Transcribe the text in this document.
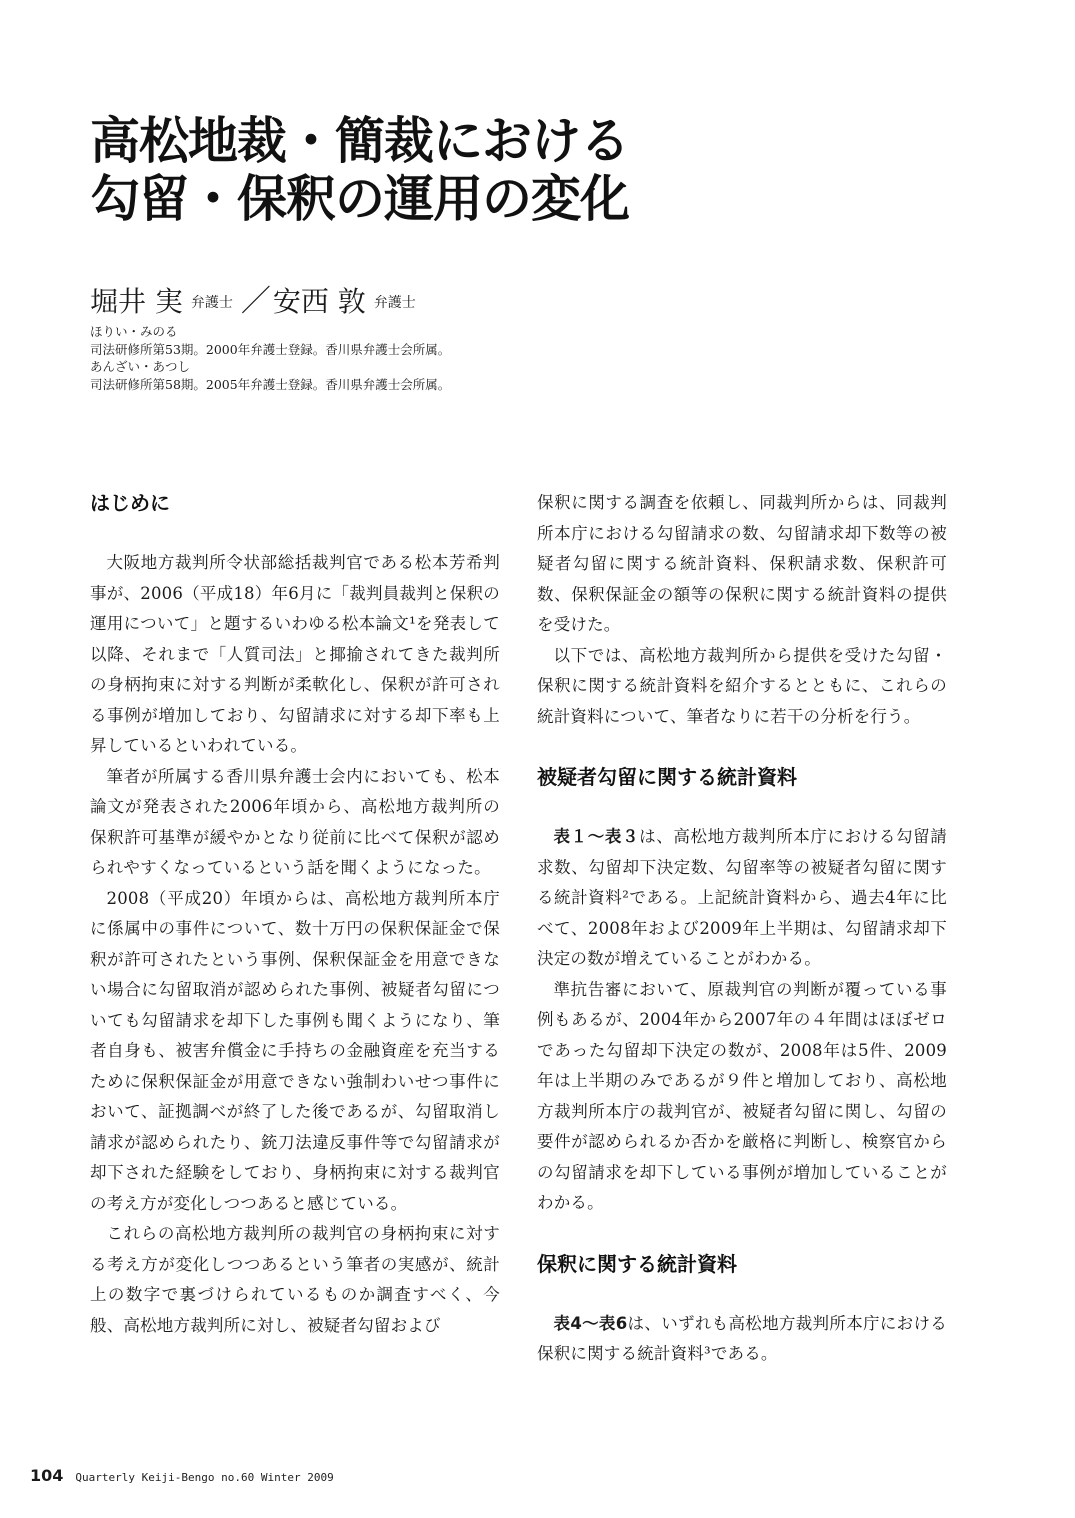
高松地裁・簡裁における
勾留・保釈の運用の変化
堀井 実 弁護士 ／安西 敦 弁護士
ほりい・みのる
司法研修所第53期。2000年弁護士登録。香川県弁護士会所属。
あんざい・あつし
司法研修所第58期。2005年弁護士登録。香川県弁護士会所属。
はじめに

大阪地方裁判所令状部総括裁判官である松本芳希判事が、2006（平成18）年6月に「裁判員裁判と保釈の運用について」と題するいわゆる松本論文¹を発表して以降、それまで「人質司法」と揶揄されてきた裁判所の身柄拘束に対する判断が柔軟化し、保釈が許可される事例が増加しており、勾留請求に対する却下率も上昇しているといわれている。

筆者が所属する香川県弁護士会内においても、松本論文が発表された2006年頃から、高松地方裁判所の保釈許可基準が緩やかとなり従前に比べて保釈が認められやすくなっているという話を聞くようになった。

2008（平成20）年頃からは、高松地方裁判所本庁に係属中の事件について、数十万円の保釈保証金で保釈が許可されたという事例、保釈保証金を用意できない場合に勾留取消が認められた事例、被疑者勾留についても勾留請求を却下した事例も聞くようになり、筆者自身も、被害弁償金に手持ちの金融資産を充当するために保釈保証金が用意できない強制わいせつ事件において、証拠調べが終了した後であるが、勾留取消し請求が認められたり、銃刀法違反事件等で勾留請求が却下された経験をしており、身柄拘束に対する裁判官の考え方が変化しつつあると感じている。

これらの高松地方裁判所の裁判官の身柄拘束に対する考え方が変化しつつあるという筆者の実感が、統計上の数字で裏づけられているものか調査すべく、今般、高松地方裁判所に対し、被疑者勾留および

保釈に関する調査を依頼し、同裁判所からは、同裁判所本庁における勾留請求の数、勾留請求却下数等の被疑者勾留に関する統計資料、保釈請求数、保釈許可数、保釈保証金の額等の保釈に関する統計資料の提供を受けた。

以下では、高松地方裁判所から提供を受けた勾留・保釈に関する統計資料を紹介するとともに、これらの統計資料について、筆者なりに若干の分析を行う。

被疑者勾留に関する統計資料

表１～表３は、高松地方裁判所本庁における勾留請求数、勾留却下決定数、勾留率等の被疑者勾留に関する統計資料²である。上記統計資料から、過去4年に比べて、2008年および2009年上半期は、勾留請求却下決定の数が増えていることがわかる。

準抗告審において、原裁判官の判断が覆っている事例もあるが、2004年から2007年の４年間はほぼゼロであった勾留却下決定の数が、2008年は5件、2009年は上半期のみであるが９件と増加しており、高松地方裁判所本庁の裁判官が、被疑者勾留に関し、勾留の要件が認められるか否かを厳格に判断し、検察官からの勾留請求を却下している事例が増加していることがわかる。

保釈に関する統計資料

表4～表6は、いずれも高松地方裁判所本庁における保釈に関する統計資料³である。

104 Quarterly Keiji-Bengo no.60 Winter 2009
